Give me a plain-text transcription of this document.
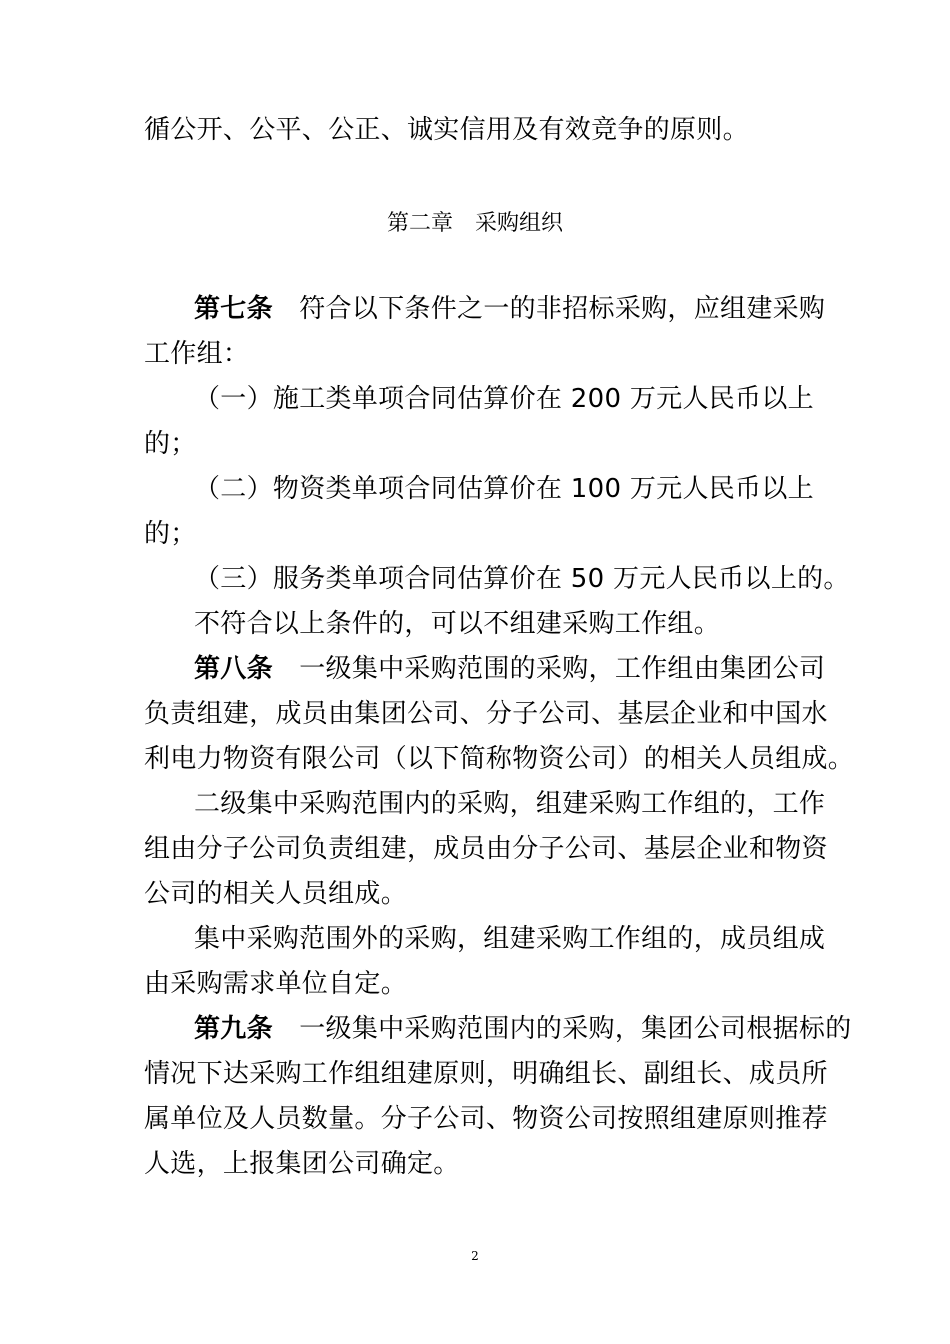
循公开、公平、公正、诚实信用及有效竞争的原则。
第二章　采购组织
第七条  符合以下条件之一的非招标采购，应组建采购
工作组：
（一）施工类单项合同估算价在 200 万元人民币以上
的；
（二）物资类单项合同估算价在 100 万元人民币以上
的；
（三）服务类单项合同估算价在 50 万元人民币以上的。
不符合以上条件的，可以不组建采购工作组。
第八条  一级集中采购范围的采购，工作组由集团公司
负责组建，成员由集团公司、分子公司、基层企业和中国水
利电力物资有限公司（以下简称物资公司）的相关人员组成。
二级集中采购范围内的采购，组建采购工作组的，工作
组由分子公司负责组建，成员由分子公司、基层企业和物资
公司的相关人员组成。
集中采购范围外的采购，组建采购工作组的，成员组成
由采购需求单位自定。
第九条  一级集中采购范围内的采购，集团公司根据标的
情况下达采购工作组组建原则，明确组长、副组长、成员所
属单位及人员数量。分子公司、物资公司按照组建原则推荐
人选，上报集团公司确定。
2
